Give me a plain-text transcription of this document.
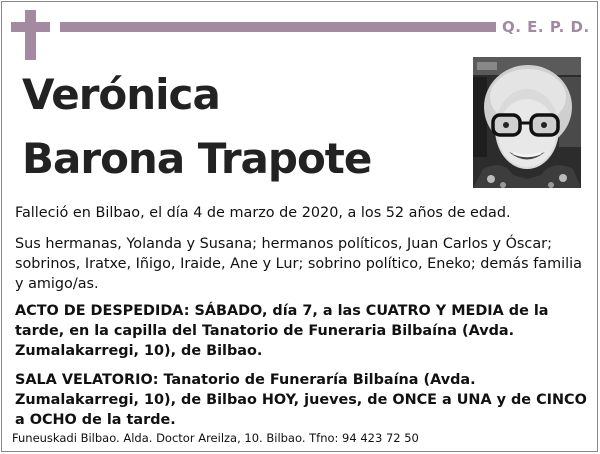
Q. E. P. D.
Verónica
Barona Trapote
Falleció en Bilbao, el día 4 de marzo de 2020, a los 52 años de edad.
Sus hermanas, Yolanda y Susana; hermanos políticos, Juan Carlos y Óscar; sobrinos, Iratxe, Iñigo, Iraide, Ane y Lur; sobrino político, Eneko; demás familia y amigo/as.
ACTO DE DESPEDIDA: SÁBADO, día 7, a las CUATRO Y MEDIA de la tarde, en la capilla del Tanatorio de Funeraria Bilbaína (Avda. Zumalakarregi, 10), de Bilbao.
SALA VELATORIO: Tanatorio de Funeraría Bilbaína (Avda. Zumalakarregi, 10), de Bilbao HOY, jueves, de ONCE a UNA y de CINCO a OCHO de la tarde.
Funeuskadi Bilbao. Alda. Doctor Areilza, 10. Bilbao. Tfno: 94 423 72 50
